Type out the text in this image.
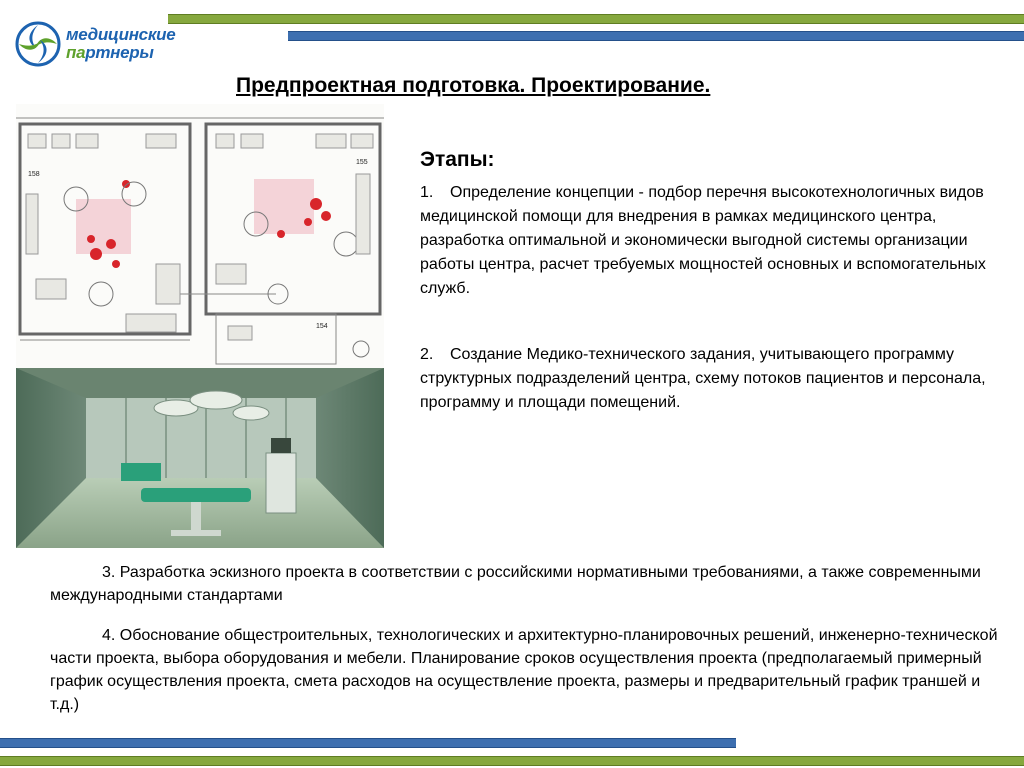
медицинские
партнеры
Предпроектная подготовка. Проектирование.
158
155
154
Этапы:
1. Определение концепции - подбор перечня высокотехнологичных видов медицинской помощи для внедрения в рамках медицинского центра, разработка оптимальной и экономически выгодной системы организации работы центра, расчет требуемых мощностей основных и вспомогательных служб.
2. Создание Медико-технического задания, учитывающего программу структурных подразделений центра, схему потоков пациентов и персонала, программу и площади помещений.
3. Разработка эскизного проекта в соответствии с российскими нормативными требованиями, а также современными международными стандартами
4. Обоснование общестроительных, технологических и архитектурно-планировочных решений, инженерно-технической части проекта, выбора оборудования и мебели. Планирование сроков осуществления проекта (предполагаемый примерный график осуществления проекта, смета расходов на осуществление проекта, размеры и предварительный график траншей и т.д.)
